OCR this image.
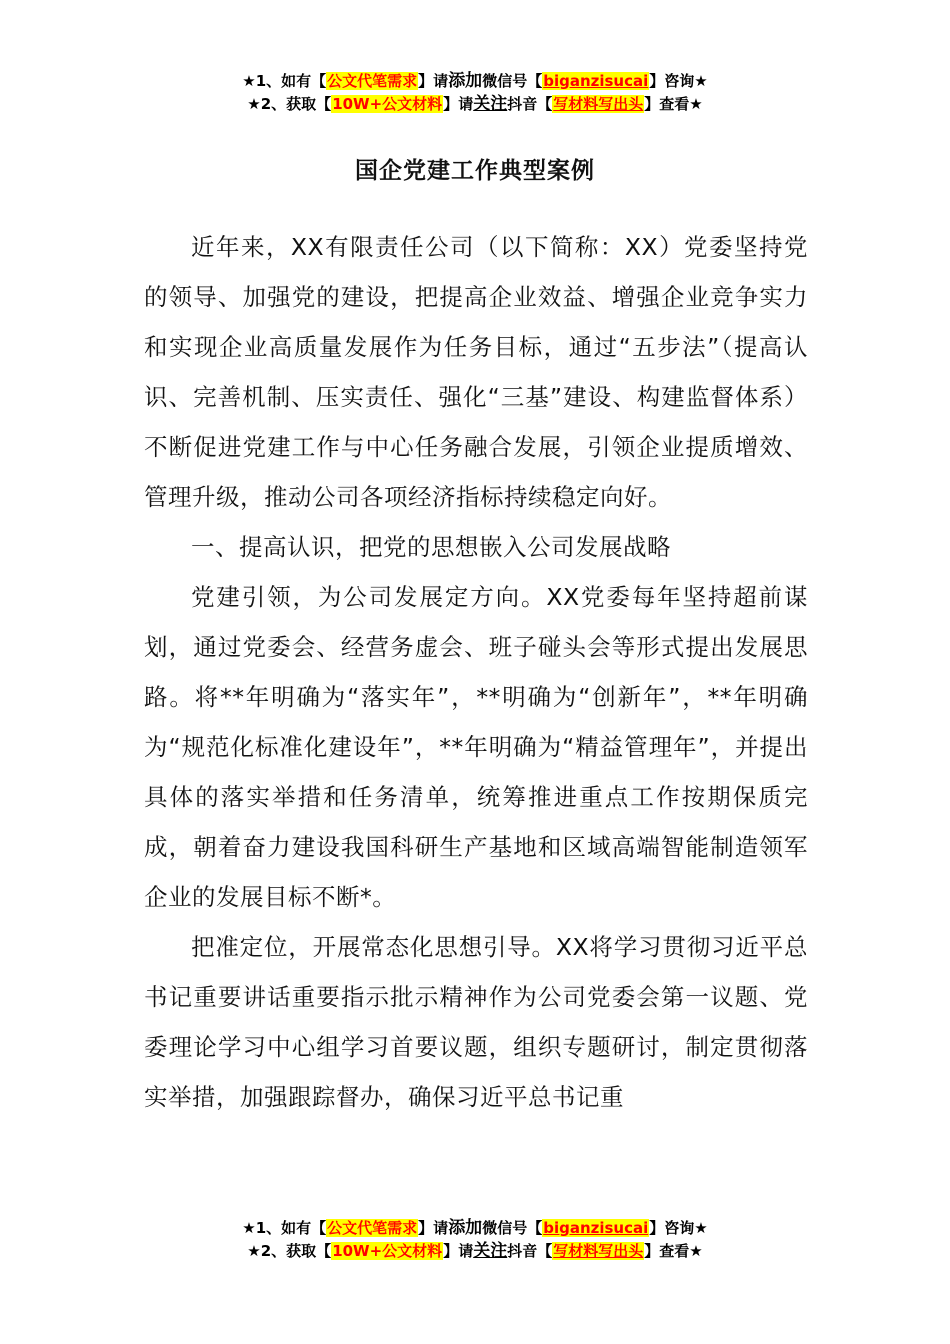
★1、如有【公文代笔需求】请添加微信号【biganzisucai】咨询★
★2、获取【10W+公文材料】请关注抖音【写材料写出头】查看★
国企党建工作典型案例

近年来，XX有限责任公司（以下简称：XX）党委坚持党的领导、加强党的建设，把提高企业效益、增强企业竞争实力和实现企业高质量发展作为任务目标，通过“五步法”（提高认识、完善机制、压实责任、强化“三基”建设、构建监督体系）不断促进党建工作与中心任务融合发展，引领企业提质增效、管理升级，推动公司各项经济指标持续稳定向好。

一、提高认识，把党的思想嵌入公司发展战略

党建引领，为公司发展定方向。XX党委每年坚持超前谋划，通过党委会、经营务虚会、班子碰头会等形式提出发展思路。将**年明确为“落实年”，**明确为“创新年”，**年明确为“规范化标准化建设年”，**年明确为“精益管理年”，并提出具体的落实举措和任务清单，统筹推进重点工作按期保质完成，朝着奋力建设我国科研生产基地和区域高端智能制造领军企业的发展目标不断*。

把准定位，开展常态化思想引导。XX将学习贯彻习近平总书记重要讲话重要指示批示精神作为公司党委会第一议题、党委理论学习中心组学习首要议题，组织专题研讨，制定贯彻落实举措，加强跟踪督办，确保习近平总书记重

★1、如有【公文代笔需求】请添加微信号【biganzisucai】咨询★
★2、获取【10W+公文材料】请关注抖音【写材料写出头】查看★
